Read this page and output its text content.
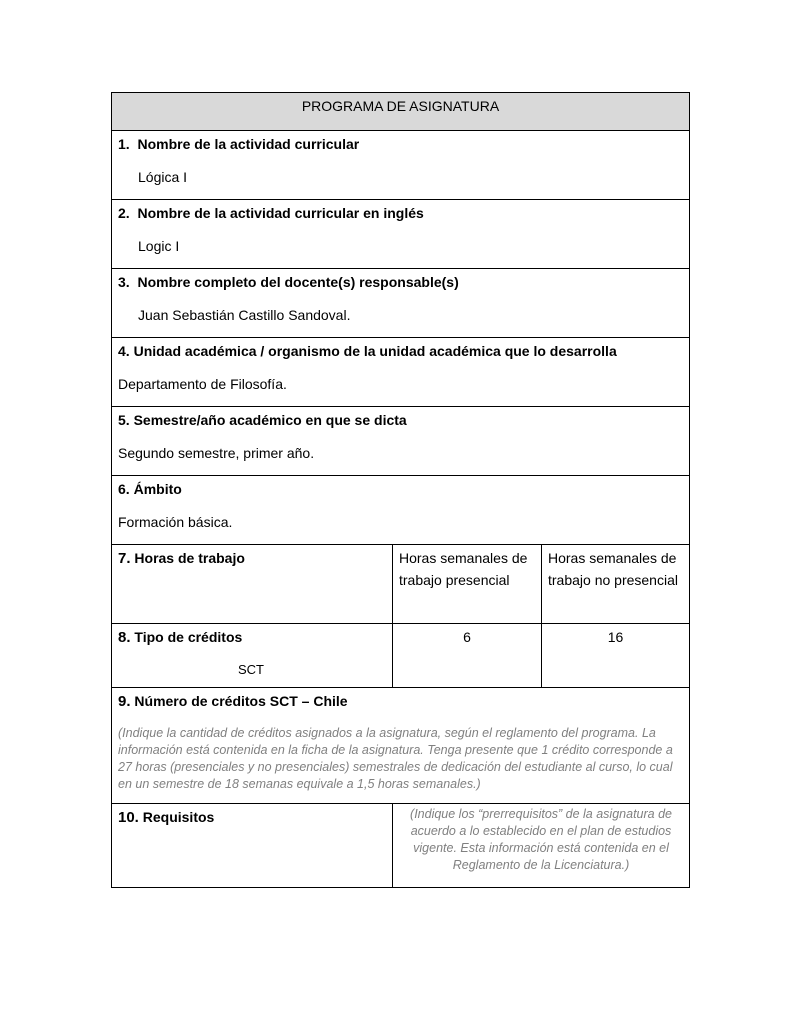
PROGRAMA DE ASIGNATURA		

1. Nombre de la actividad curricular
Lógica I		

2. Nombre de la actividad curricular en inglés
Logic I		

3. Nombre completo del docente(s) responsable(s)
Juan Sebastián Castillo Sandoval.		

4. Unidad académica / organismo de la unidad académica que lo desarrolla
Departamento de Filosofía.		

5. Semestre/año académico en que se dicta
Segundo semestre, primer año.		

6. Ámbito
Formación básica.		

7. Horas de trabajo	Horas semanales de trabajo presencial	Horas semanales de trabajo no presencial

8. Tipo de créditos
SCT	6	16

9. Número de créditos SCT – Chile
(Indique la cantidad de créditos asignados a la asignatura, según el reglamento del programa. La información está contenida en la ficha de la asignatura. Tenga presente que 1 crédito corresponde a 27 horas (presenciales y no presenciales) semestrales de dedicación del estudiante al curso, lo cual en un semestre de 18 semanas equivale a 1,5 horas semanales.)		

10. Requisitos	(Indique los “prerrequisitos” de la asignatura de acuerdo a lo establecido en el plan de estudios vigente. Esta información está contenida en el Reglamento de la Licenciatura.)	
